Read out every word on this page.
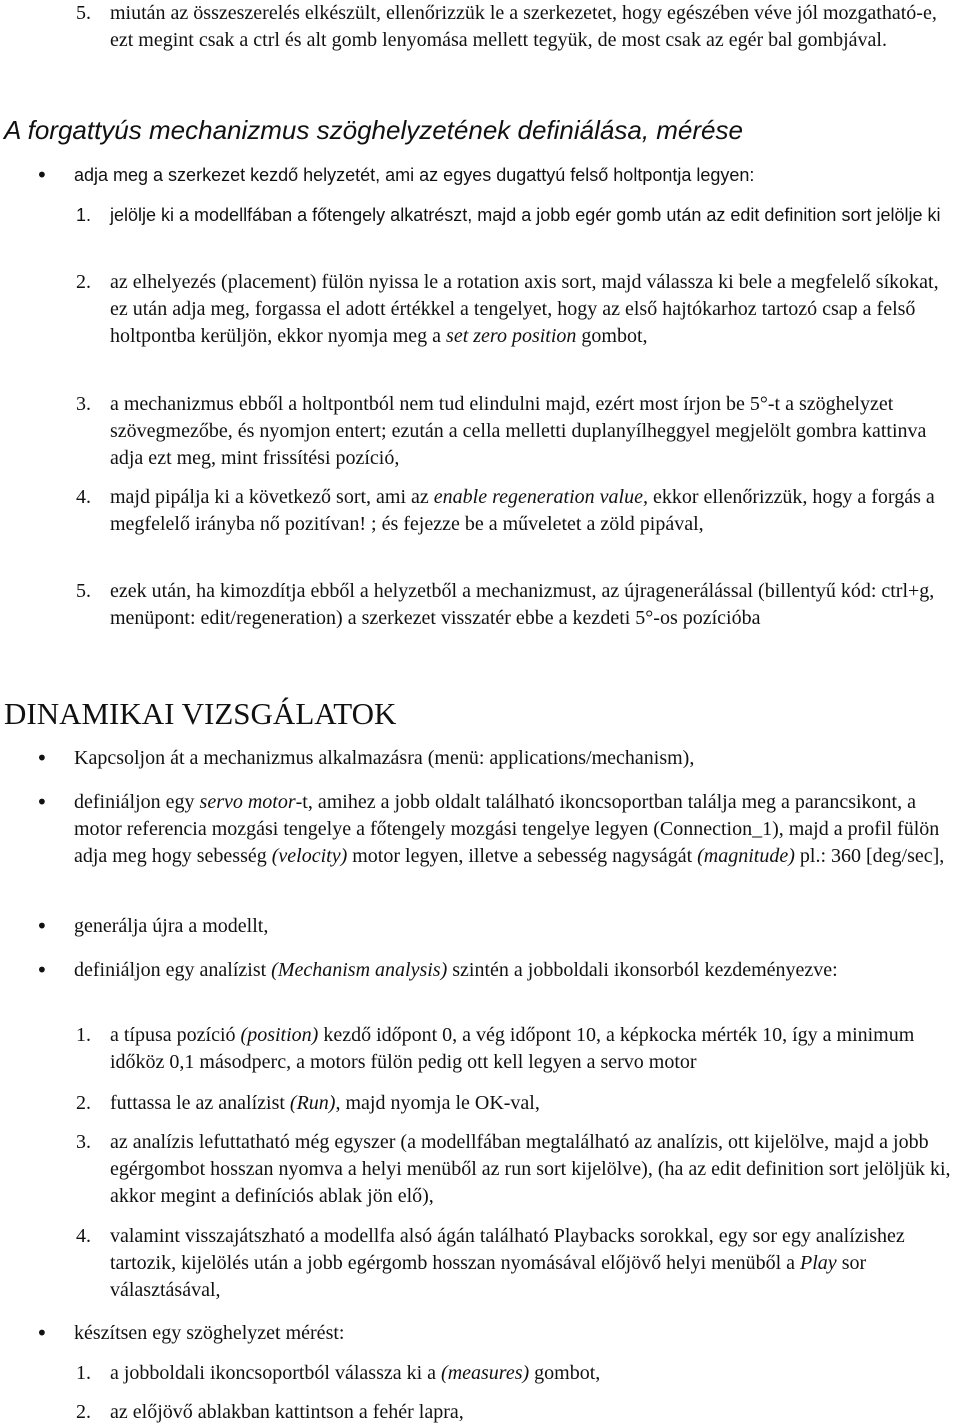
5. miután az összeszerelés elkészült, ellenőrizzük le a szerkezetet, hogy egészében véve jól mozgatható-e, ezt megint csak a ctrl és alt gomb lenyomása mellett tegyük, de most csak az egér bal gombjával.
A forgattyús mechanizmus szöghelyzetének definiálása, mérése
• adja meg a szerkezet kezdő helyzetét, ami az egyes dugattyú felső holtpontja legyen:
1.	jelölje ki a modellfában a főtengely alkatrészt, majd a jobb egér gomb után az edit definition sort jelölje ki
2. az elhelyezés (placement) fülön nyissa le a rotation axis sort, majd válassza ki bele a megfelelő síkokat, ez után adja meg, forgassa el adott értékkel a tengelyet, hogy az első hajtókarhoz tartozó csap a felső holtpontba kerüljön, ekkor nyomja meg a set zero position gombot,
3. a mechanizmus ebből a holtpontból nem tud elindulni majd, ezért most írjon be 5°-t a szöghelyzet szövegmezőbe, és nyomjon entert; ezután a cella melletti duplanyílheggyel megjelölt gombra kattinva adja ezt meg, mint frissítési pozíció,
4. majd pipálja ki a következő sort, ami az enable regeneration value, ekkor ellenőrizzük, hogy a forgás a megfelelő irányba nő pozitívan! ; és fejezze be a műveletet a zöld pipával,
5. ezek után, ha kimozdítja ebből a helyzetből a mechanizmust, az újragenerálással (billentyű kód: ctrl+g, menüpont: edit/regeneration) a szerkezet visszatér ebbe a kezdeti 5°-os pozícióba
DINAMIKAI VIZSGÁLATOK
• Kapcsoljon át a mechanizmus alkalmazásra (menü: applications/mechanism),
• definiáljon egy servo motor-t, amihez a jobb oldalt található ikoncsoportban találja meg a parancsikont, a motor referencia mozgási tengelye a főtengely mozgási tengelye legyen (Connection_1), majd a profil fülön adja meg hogy sebesség (velocity) motor legyen, illetve a sebesség nagyságát (magnitude) pl.: 360 [deg/sec],
• generálja újra a modellt,
• definiáljon egy analízist (Mechanism analysis) szintén a jobboldali ikonsorból kezdeményezve:
1. a típusa pozíció (position) kezdő időpont 0, a vég időpont 10, a képkocka mérték 10, így a minimum időköz 0,1 másodperc, a motors fülön pedig ott kell legyen a servo motor
2. futtassa le az analízist (Run), majd nyomja le OK-val,
3. az analízis lefuttatható még egyszer (a modellfában megtalálható az analízis, ott kijelölve, majd a jobb egérgombot hosszan nyomva a helyi menüből az run sort kijelölve), (ha az edit definition sort jelöljük ki, akkor megint a definíciós ablak jön elő),
4. valamint visszajátszható a modellfa alsó ágán található Playbacks sorokkal, egy sor egy analízishez tartozik, kijelölés után a jobb egérgomb hosszan nyomásával előjövő helyi menüből a Play sor választásával,
• készítsen egy szöghelyzet mérést:
1. a jobboldali ikoncsoportból válassza ki a (measures) gombot,
2. az előjövő ablakban kattintson a fehér lapra,
